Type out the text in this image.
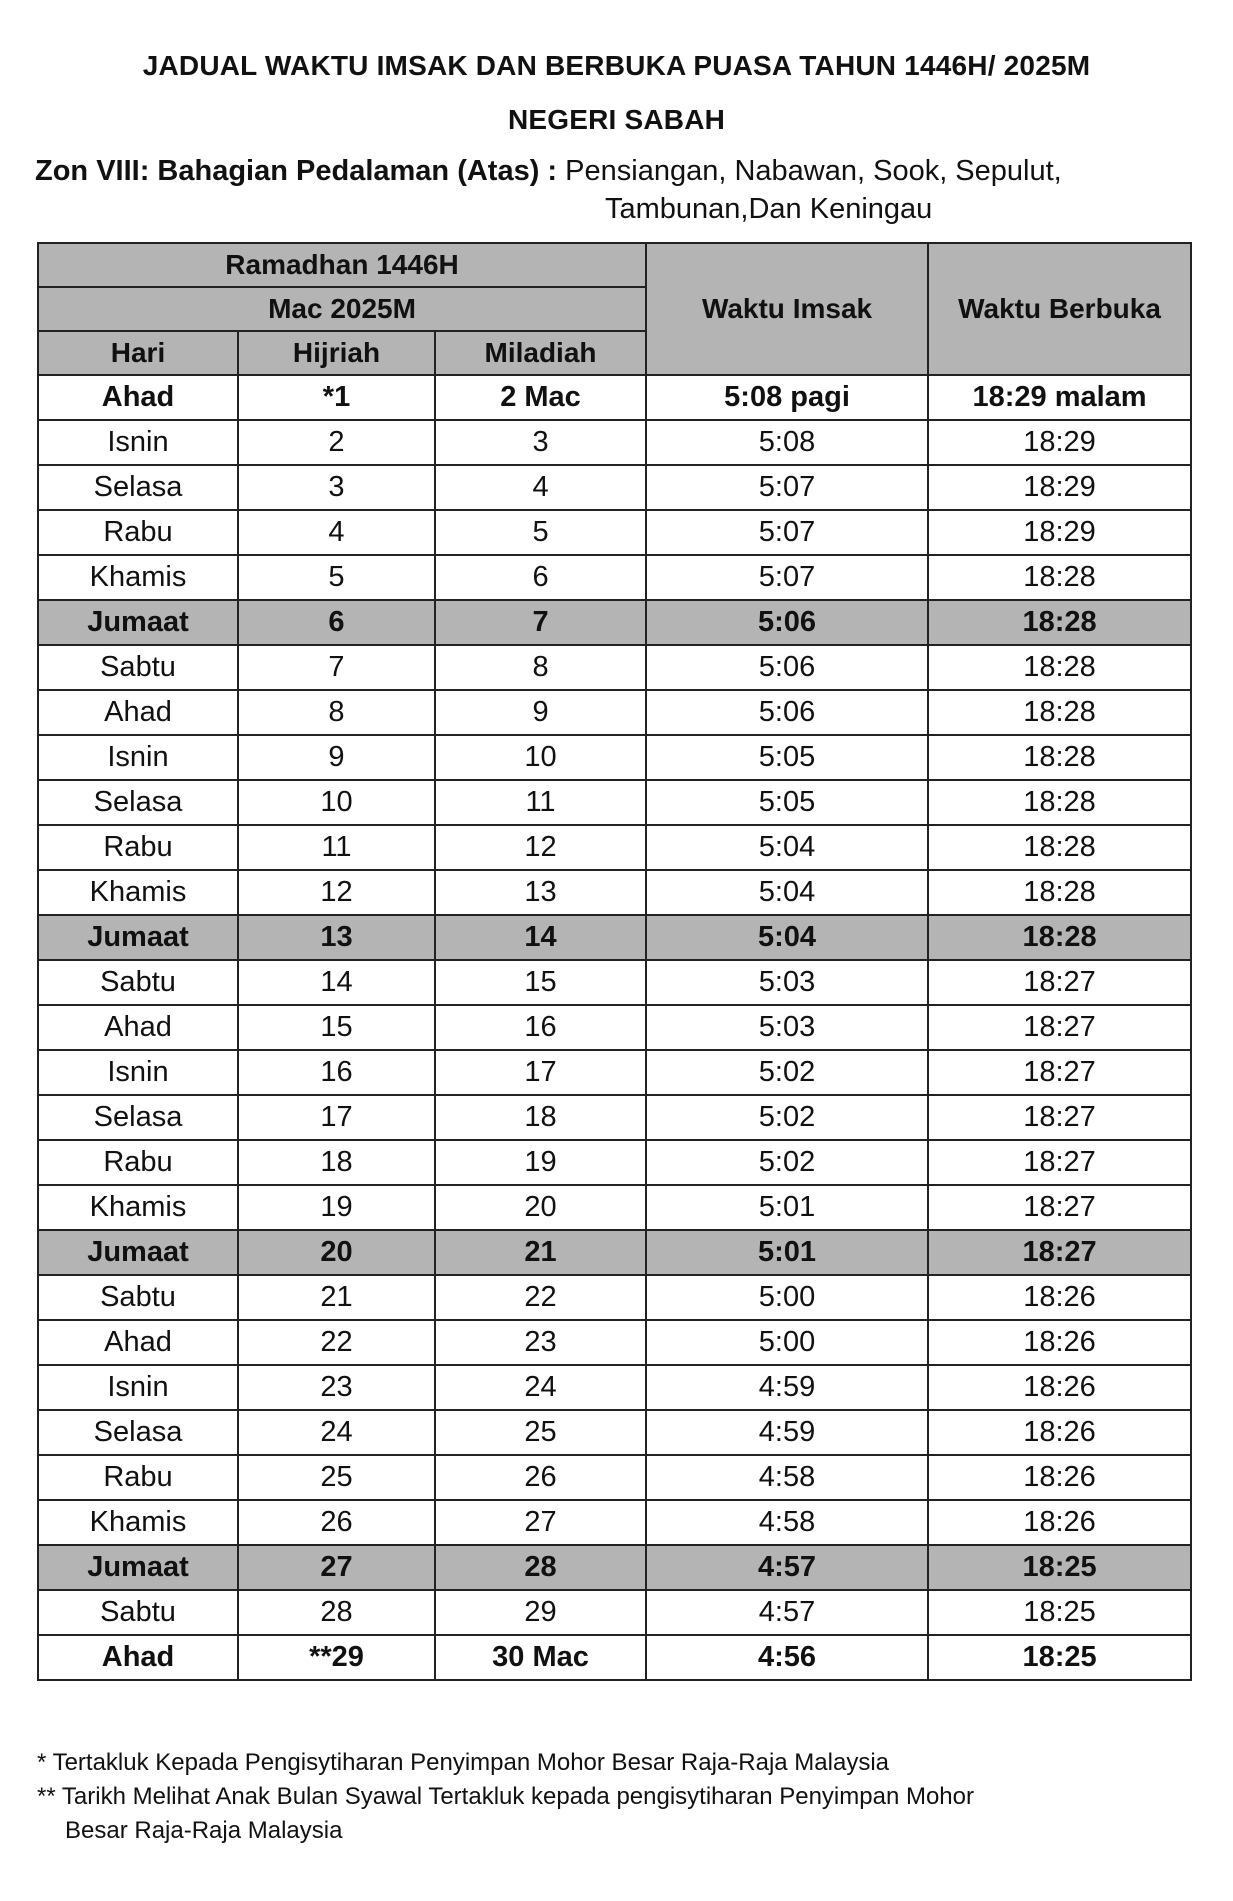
JADUAL WAKTU IMSAK DAN BERBUKA PUASA TAHUN 1446H/ 2025M
NEGERI SABAH
Zon VIII: Bahagian Pedalaman (Atas) : Pensiangan, Nabawan, Sook, Sepulut,
Tambunan,Dan Keningau
Ramadhan 1446H			Waktu Imsak	Waktu Berbuka
Mac 2025M				
Hari	Hijriah	Miladiah		
Ahad	*1	2 Mac	5:08 pagi	18:29 malam
Isnin	2	3	5:08	18:29
Selasa	3	4	5:07	18:29
Rabu	4	5	5:07	18:29
Khamis	5	6	5:07	18:28
Jumaat	6	7	5:06	18:28
Sabtu	7	8	5:06	18:28
Ahad	8	9	5:06	18:28
Isnin	9	10	5:05	18:28
Selasa	10	11	5:05	18:28
Rabu	11	12	5:04	18:28
Khamis	12	13	5:04	18:28
Jumaat	13	14	5:04	18:28
Sabtu	14	15	5:03	18:27
Ahad	15	16	5:03	18:27
Isnin	16	17	5:02	18:27
Selasa	17	18	5:02	18:27
Rabu	18	19	5:02	18:27
Khamis	19	20	5:01	18:27
Jumaat	20	21	5:01	18:27
Sabtu	21	22	5:00	18:26
Ahad	22	23	5:00	18:26
Isnin	23	24	4:59	18:26
Selasa	24	25	4:59	18:26
Rabu	25	26	4:58	18:26
Khamis	26	27	4:58	18:26
Jumaat	27	28	4:57	18:25
Sabtu	28	29	4:57	18:25
Ahad	**29	30 Mac	4:56	18:25
* Tertakluk Kepada Pengisytiharan Penyimpan Mohor Besar Raja-Raja Malaysia
** Tarikh Melihat Anak Bulan Syawal Tertakluk kepada pengisytiharan Penyimpan Mohor
Besar Raja-Raja Malaysia
